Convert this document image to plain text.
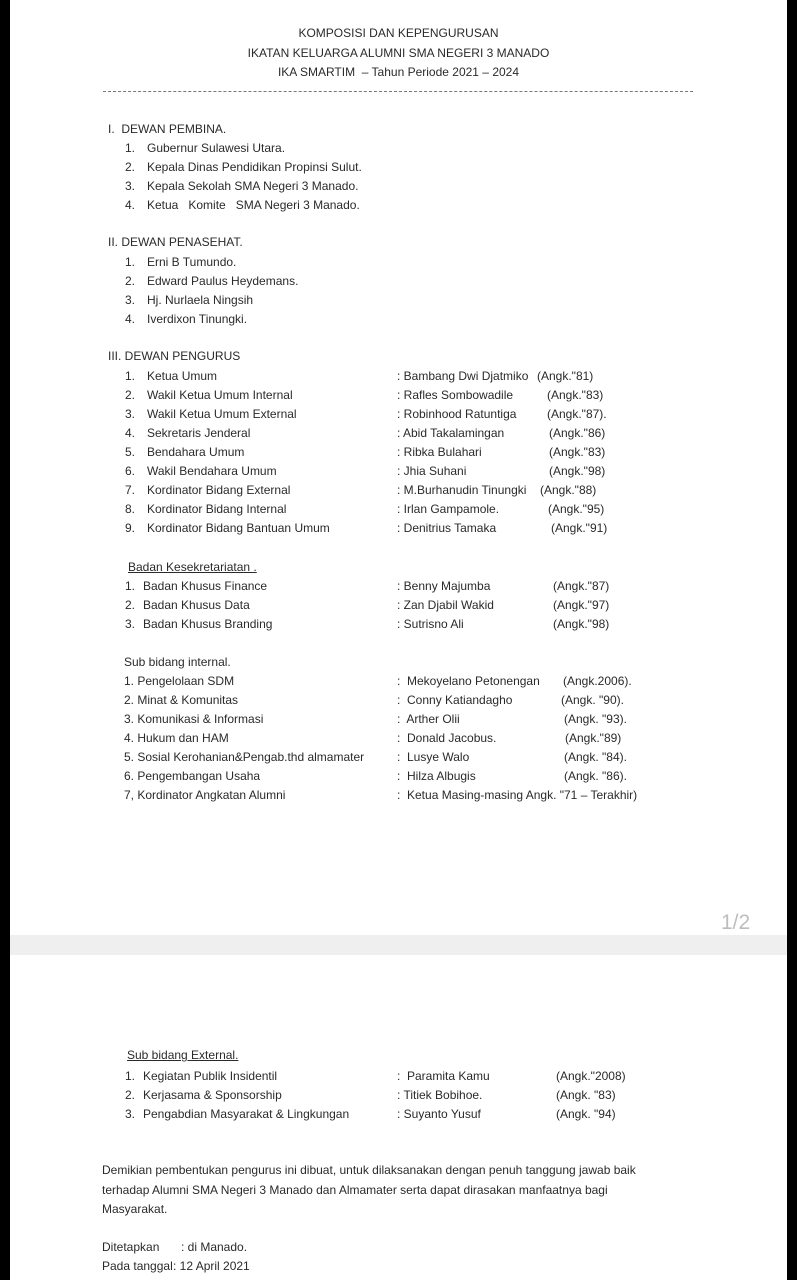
KOMPOSISI DAN KEPENGURUSAN
IKATAN KELUARGA ALUMNI SMA NEGERI 3 MANADO
IKA SMARTIM  – Tahun Periode 2021 – 2024
I.  DEWAN PEMBINA.
1. Gubernur Sulawesi Utara.
2. Kepala Dinas Pendidikan Propinsi Sulut.
3. Kepala Sekolah SMA Negeri 3 Manado.
4. Ketua   Komite   SMA Negeri 3 Manado.
II. DEWAN PENASEHAT.
1. Erni B Tumundo.
2. Edward Paulus Heydemans.
3. Hj. Nurlaela Ningsih
4. Iverdixon Tinungki.
III. DEWAN PENGURUS
1. Ketua Umum	: Bambang Dwi Djatmiko (Angk."81)
2. Wakil Ketua Umum Internal	: Rafles Sombowadile	(Angk."83)
3. Wakil Ketua Umum External	: Robinhood Ratuntiga	(Angk."87).
4. Sekretaris Jenderal	: Abid Takalamingan	(Angk."86)
5. Bendahara Umum	: Ribka Bulahari	(Angk."83)
6. Wakil Bendahara Umum	: Jhia Suhani	(Angk."98)
7. Kordinator Bidang External	: M.Burhanudin Tinungki (Angk."88)
8. Kordinator Bidang Internal	: Irlan Gampamole.	(Angk."95)
9. Kordinator Bidang Bantuan Umum	: Denitrius Tamaka	(Angk."91)
Badan Kesekretariatan .
1. Badan Khusus Finance	: Benny Majumba	(Angk."87)
2. Badan Khusus Data	: Zan Djabil Wakid	(Angk."97)
3. Badan Khusus Branding	: Sutrisno Ali	(Angk."98)
Sub bidang internal.
1. Pengelolaan SDM	:  Mekoyelano Petonengan (Angk.2006).
2. Minat & Komunitas	:  Conny Katiandagho	(Angk. "90).
3. Komunikasi & Informasi	:  Arther Olii	(Angk. "93).
4. Hukum dan HAM	:  Donald Jacobus.	(Angk."89)
5. Sosial Kerohanian&Pengab.thd almamater	:  Lusye Walo	(Angk. "84).
6. Pengembangan Usaha	:  Hilza Albugis	(Angk. "86).
7, Kordinator Angkatan Alumni	:  Ketua Masing-masing Angk. "71 – Terakhir)
1/2
Sub bidang External.
1. Kegiatan Publik Insidentil	:  Paramita Kamu	(Angk."2008)
2. Kerjasama & Sponsorship	: Titiek Bobihoe.	(Angk. "83)
3. Pengabdian Masyarakat & Lingkungan	: Suyanto Yusuf	(Angk. "94)
Demikian pembentukan pengurus ini dibuat, untuk dilaksanakan dengan penuh tanggung jawab baik
terhadap Alumni SMA Negeri 3 Manado dan Almamater serta dapat dirasakan manfaatnya bagi
Masyarakat.
Ditetapkan : di Manado.
Pada tanggal : 12 April 2021
